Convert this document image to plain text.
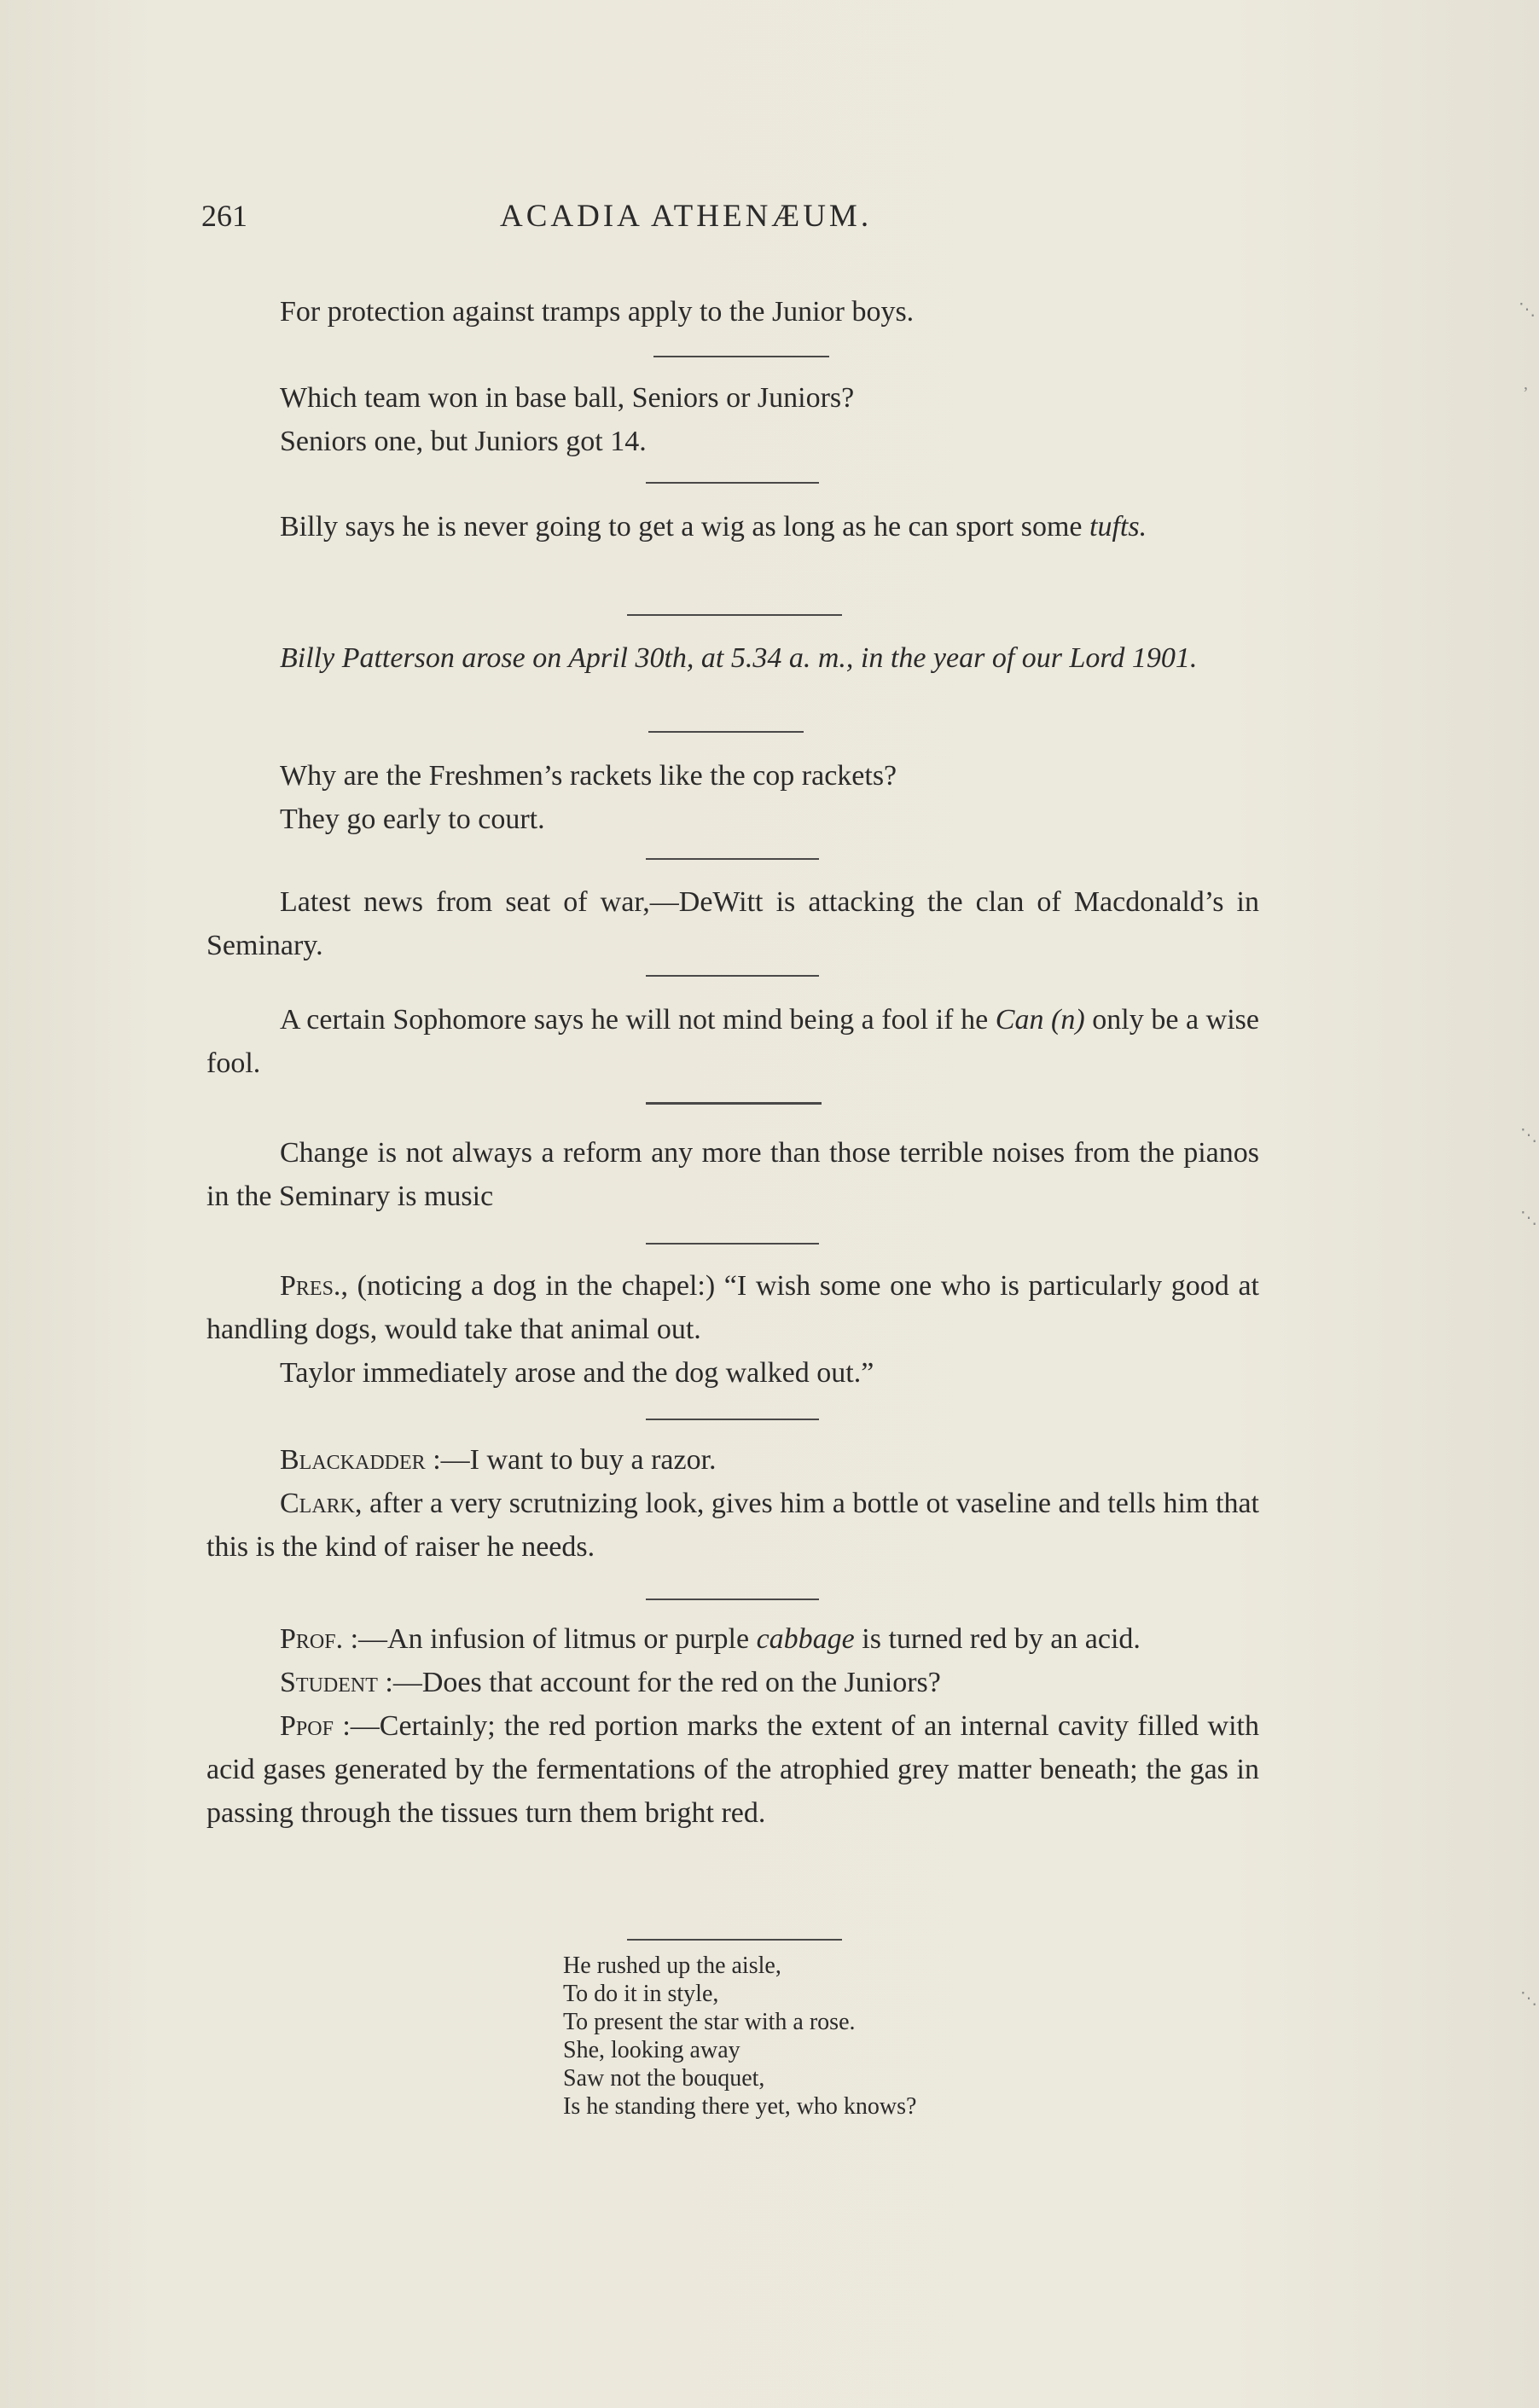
261	ACADIA ATHENÆUM.

For protection against tramps apply to the Junior boys.

Which team won in base ball, Seniors or Juniors?

Seniors one, but Juniors got 14.

Billy says he is never going to get a wig as long as he can sport some tufts.

Billy Patterson arose on April 30th, at 5.34 a. m., in the year of our Lord 1901.

Why are the Freshmen’s rackets like the cop rackets?

They go early to court.

Latest news from seat of war,—DeWitt is attacking the clan of Macdonald’s in Seminary.

A certain Sophomore says he will not mind being a fool if he Can (n) only be a wise fool.

Change is not always a reform any more than those terrible noises from the pianos in the Seminary is music

Pres., (noticing a dog in the chapel:) “I wish some one who is particularly good at handling dogs, would take that animal out.

Taylor immediately arose and the dog walked out.”

Blackadder :—I want to buy a razor.

Clark, after a very scrutnizing look, gives him a bottle ot vaseline and tells him that this is the kind of raiser he needs.

Prof. :—An infusion of litmus or purple cabbage is turned red by an acid.

Student :—Does that account for the red on the Juniors?

Ppof :—Certainly; the red portion marks the extent of an internal cavity filled with acid gases generated by the fermentations of the atrophied grey matter beneath; the gas in passing through the tissues turn them bright red.

He rushed up the aisle,

To do it in style,

To present the star with a rose.

She, looking away

Saw not the bouquet,

Is he standing there yet, who knows?

⋱
’
⋱
⋱
⋱
